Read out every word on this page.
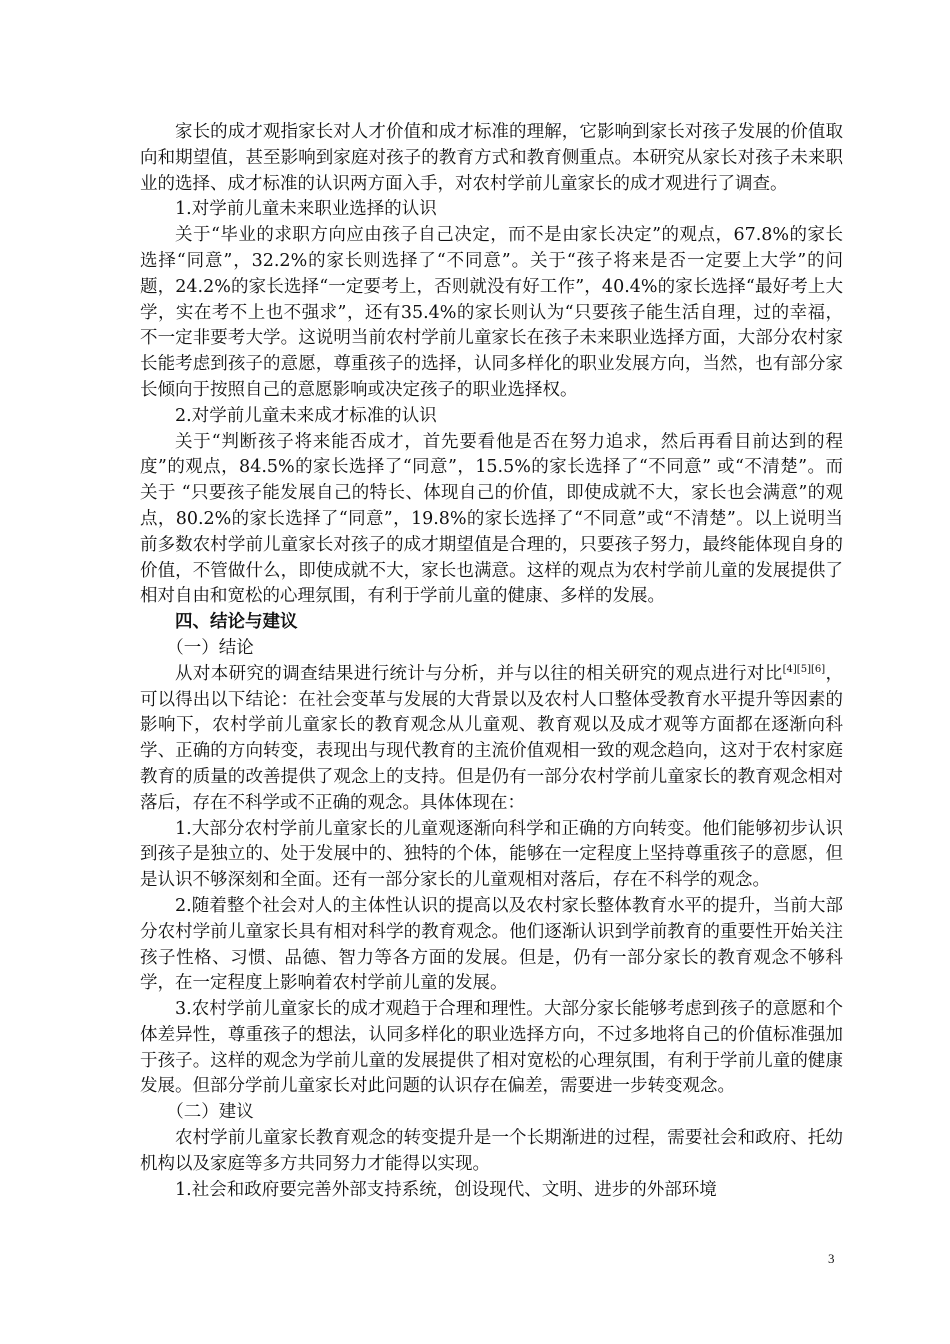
家长的成才观指家长对人才价值和成才标准的理解，它影响到家长对孩子发展的价值取向和期望值，甚至影响到家庭对孩子的教育方式和教育侧重点。本研究从家长对孩子未来职业的选择、成才标准的认识两方面入手，对农村学前儿童家长的成才观进行了调查。

1.对学前儿童未来职业选择的认识

关于“毕业的求职方向应由孩子自己决定，而不是由家长决定”的观点，67.8%的家长选择“同意”，32.2%的家长则选择了“不同意”。关于“孩子将来是否一定要上大学”的问题，24.2%的家长选择“一定要考上，否则就没有好工作”，40.4%的家长选择“最好考上大学，实在考不上也不强求”，还有35.4%的家长则认为“只要孩子能生活自理，过的幸福，不一定非要考大学。这说明当前农村学前儿童家长在孩子未来职业选择方面，大部分农村家长能考虑到孩子的意愿，尊重孩子的选择，认同多样化的职业发展方向，当然，也有部分家长倾向于按照自己的意愿影响或决定孩子的职业选择权。

2.对学前儿童未来成才标准的认识

关于“判断孩子将来能否成才，首先要看他是否在努力追求，然后再看目前达到的程度”的观点，84.5%的家长选择了“同意”，15.5%的家长选择了“不同意” 或“不清楚”。而关于 “只要孩子能发展自己的特长、体现自己的价值，即使成就不大，家长也会满意”的观点，80.2%的家长选择了“同意”，19.8%的家长选择了“不同意”或“不清楚”。以上说明当前多数农村学前儿童家长对孩子的成才期望值是合理的，只要孩子努力，最终能体现自身的价值，不管做什么，即使成就不大，家长也满意。这样的观点为农村学前儿童的发展提供了相对自由和宽松的心理氛围，有利于学前儿童的健康、多样的发展。

四、结论与建议

（一）结论

从对本研究的调查结果进行统计与分析，并与以往的相关研究的观点进行对比[4][5][6]，可以得出以下结论：在社会变革与发展的大背景以及农村人口整体受教育水平提升等因素的影响下，农村学前儿童家长的教育观念从儿童观、教育观以及成才观等方面都在逐渐向科学、正确的方向转变，表现出与现代教育的主流价值观相一致的观念趋向，这对于农村家庭教育的质量的改善提供了观念上的支持。但是仍有一部分农村学前儿童家长的教育观念相对落后，存在不科学或不正确的观念。具体体现在：

1.大部分农村学前儿童家长的儿童观逐渐向科学和正确的方向转变。他们能够初步认识到孩子是独立的、处于发展中的、独特的个体，能够在一定程度上坚持尊重孩子的意愿，但是认识不够深刻和全面。还有一部分家长的儿童观相对落后，存在不科学的观念。

2.随着整个社会对人的主体性认识的提高以及农村家长整体教育水平的提升，当前大部分农村学前儿童家长具有相对科学的教育观念。他们逐渐认识到学前教育的重要性开始关注孩子性格、习惯、品德、智力等各方面的发展。但是，仍有一部分家长的教育观念不够科学，在一定程度上影响着农村学前儿童的发展。

3.农村学前儿童家长的成才观趋于合理和理性。大部分家长能够考虑到孩子的意愿和个体差异性，尊重孩子的想法，认同多样化的职业选择方向，不过多地将自己的价值标准强加于孩子。这样的观念为学前儿童的发展提供了相对宽松的心理氛围，有利于学前儿童的健康发展。但部分学前儿童家长对此问题的认识存在偏差，需要进一步转变观念。

（二）建议

农村学前儿童家长教育观念的转变提升是一个长期渐进的过程，需要社会和政府、托幼机构以及家庭等多方共同努力才能得以实现。

1.社会和政府要完善外部支持系统，创设现代、文明、进步的外部环境

3
